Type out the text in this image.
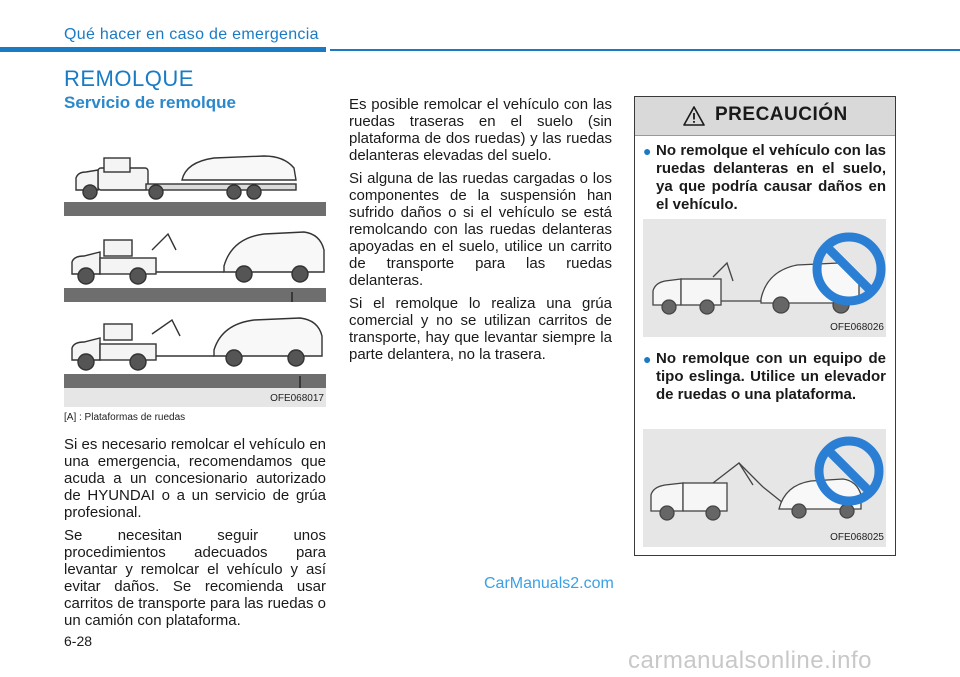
Qué hacer en caso de emergencia
REMOLQUE
Servicio de remolque
OFE068017
[A] : Plataformas de ruedas

Si es necesario remolcar el vehículo en una emergencia, recomendamos que acuda a un concesionario autorizado de HYUNDAI o a un servicio de grúa profesional.

Se necesitan seguir unos procedimientos adecuados para levantar y remolcar el vehículo y así evitar daños. Se recomienda usar carritos de transporte para las ruedas o un camión con plataforma.

Es posible remolcar el vehículo con las ruedas traseras en el suelo (sin plataforma de dos ruedas) y las ruedas delanteras elevadas del suelo.

Si alguna de las ruedas cargadas o los componentes de la suspensión han sufrido daños o si el vehículo se está remolcando con las ruedas delanteras apoyadas en el suelo, utilice un carrito de transporte para las ruedas delanteras.

Si el remolque lo realiza una grúa comercial y no se utilizan carritos de transporte, hay que levantar siempre la parte delantera, no la trasera.

PRECAUCIÓN
● No remolque el vehículo con las ruedas delanteras en el suelo, ya que podría causar daños en el vehículo.
OFE068026
● No remolque con un equipo de tipo eslinga. Utilice un elevador de ruedas o una plataforma.
OFE068025
CarManuals2.com
6-28
carmanualsonline.info
